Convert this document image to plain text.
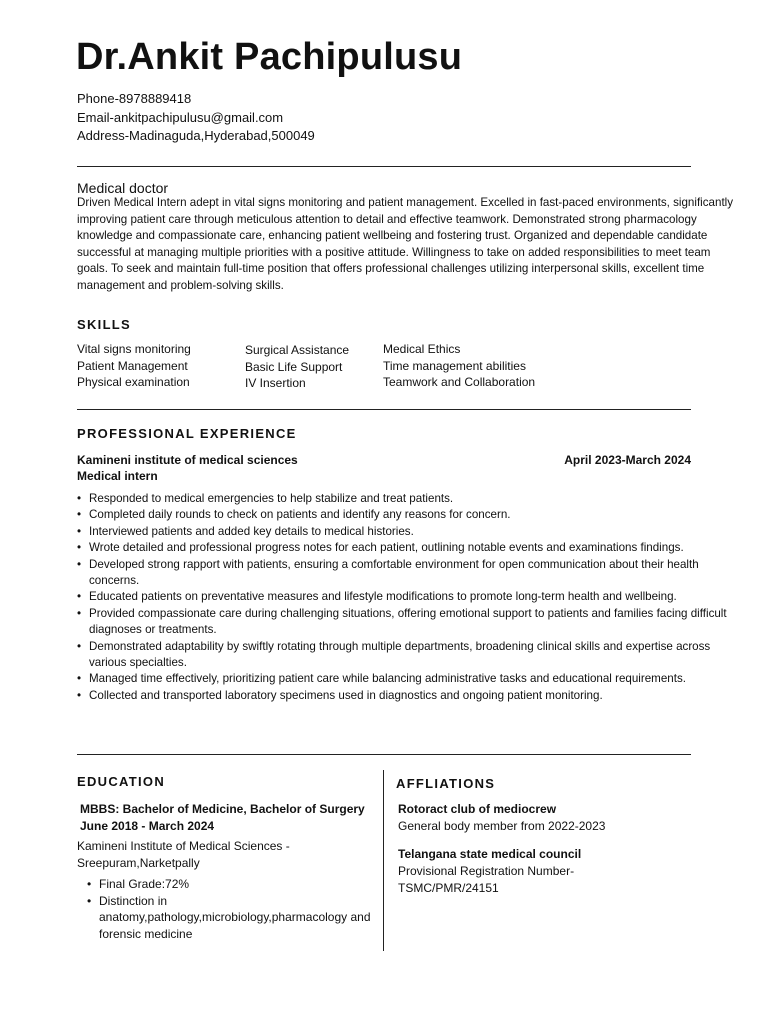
Dr.Ankit Pachipulusu
Phone-8978889418
Email-ankitpachipulusu@gmail.com
Address-Madinaguda,Hyderabad,500049
Medical doctor
Driven Medical Intern adept in vital signs monitoring and patient management. Excelled in fast-paced environments, significantly improving patient care through meticulous attention to detail and effective teamwork. Demonstrated strong pharmacology knowledge and compassionate care, enhancing patient wellbeing and fostering trust. Organized and dependable candidate successful at managing multiple priorities with a positive attitude. Willingness to take on added responsibilities to meet team goals. To seek and maintain full-time position that offers professional challenges utilizing interpersonal skills, excellent time management and problem-solving skills.
SKILLS
Vital signs monitoring
Patient Management
Physical examination
Surgical Assistance
Basic Life Support
IV Insertion
Medical Ethics
Time management abilities
Teamwork and Collaboration
PROFESSIONAL EXPERIENCE
Kamineni institute of medical sciences	April 2023-March 2024
Medical intern
• Responded to medical emergencies to help stabilize and treat patients.
• Completed daily rounds to check on patients and identify any reasons for concern.
• Interviewed patients and added key details to medical histories.
• Wrote detailed and professional progress notes for each patient, outlining notable events and examinations findings.
• Developed strong rapport with patients, ensuring a comfortable environment for open communication about their health concerns.
• Educated patients on preventative measures and lifestyle modifications to promote long-term health and wellbeing.
• Provided compassionate care during challenging situations, offering emotional support to patients and families facing difficult diagnoses or treatments.
• Demonstrated adaptability by swiftly rotating through multiple departments, broadening clinical skills and expertise across various specialties.
• Managed time effectively, prioritizing patient care while balancing administrative tasks and educational requirements.
• Collected and transported laboratory specimens used in diagnostics and ongoing patient monitoring.
EDUCATION
MBBS: Bachelor of Medicine, Bachelor of Surgery
June 2018 - March 2024
Kamineni Institute of Medical Sciences - Sreepuram,Narketpally
• Final Grade:72%
• Distinction in anatomy,pathology,microbiology,pharmacology and forensic medicine
AFFLIATIONS
Rotoract club of mediocrew
General body member from 2022-2023
Telangana state medical council
Provisional Registration Number-TSMC/PMR/24151
